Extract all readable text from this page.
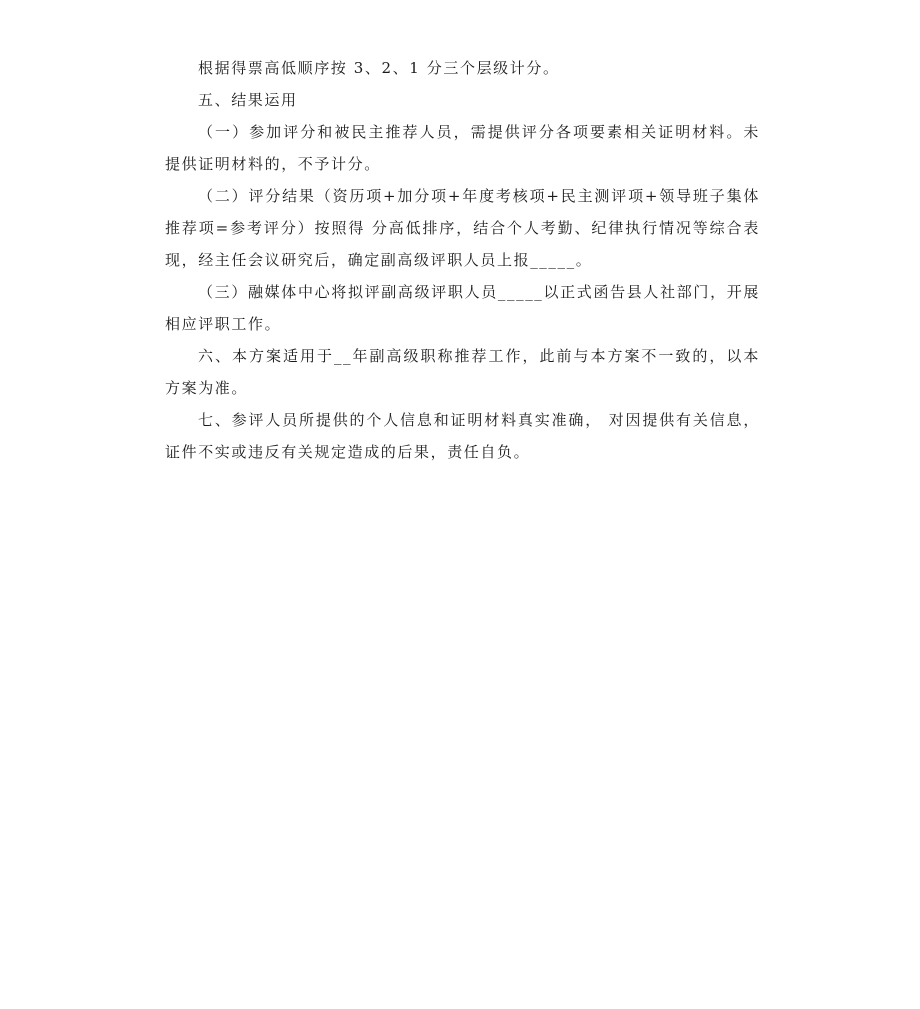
根据得票高低顺序按 3、2、1 分三个层级计分。

五、结果运用

（一）参加评分和被民主推荐人员，需提供评分各项要素相关证明材料。未提供证明材料的，不予计分。

（二）评分结果（资历项+加分项+年度考核项+民主测评项+领导班子集体推荐项=参考评分）按照得 分高低排序，结合个人考勤、纪律执行情况等综合表现，经主任会议研究后，确定副高级评职人员上报_____。

（三）融媒体中心将拟评副高级评职人员_____以正式函告县人社部门，开展相应评职工作。

六、本方案适用于__年副高级职称推荐工作，此前与本方案不一致的，以本方案为准。

七、参评人员所提供的个人信息和证明材料真实准确， 对因提供有关信息，证件不实或违反有关规定造成的后果，责任自负。
